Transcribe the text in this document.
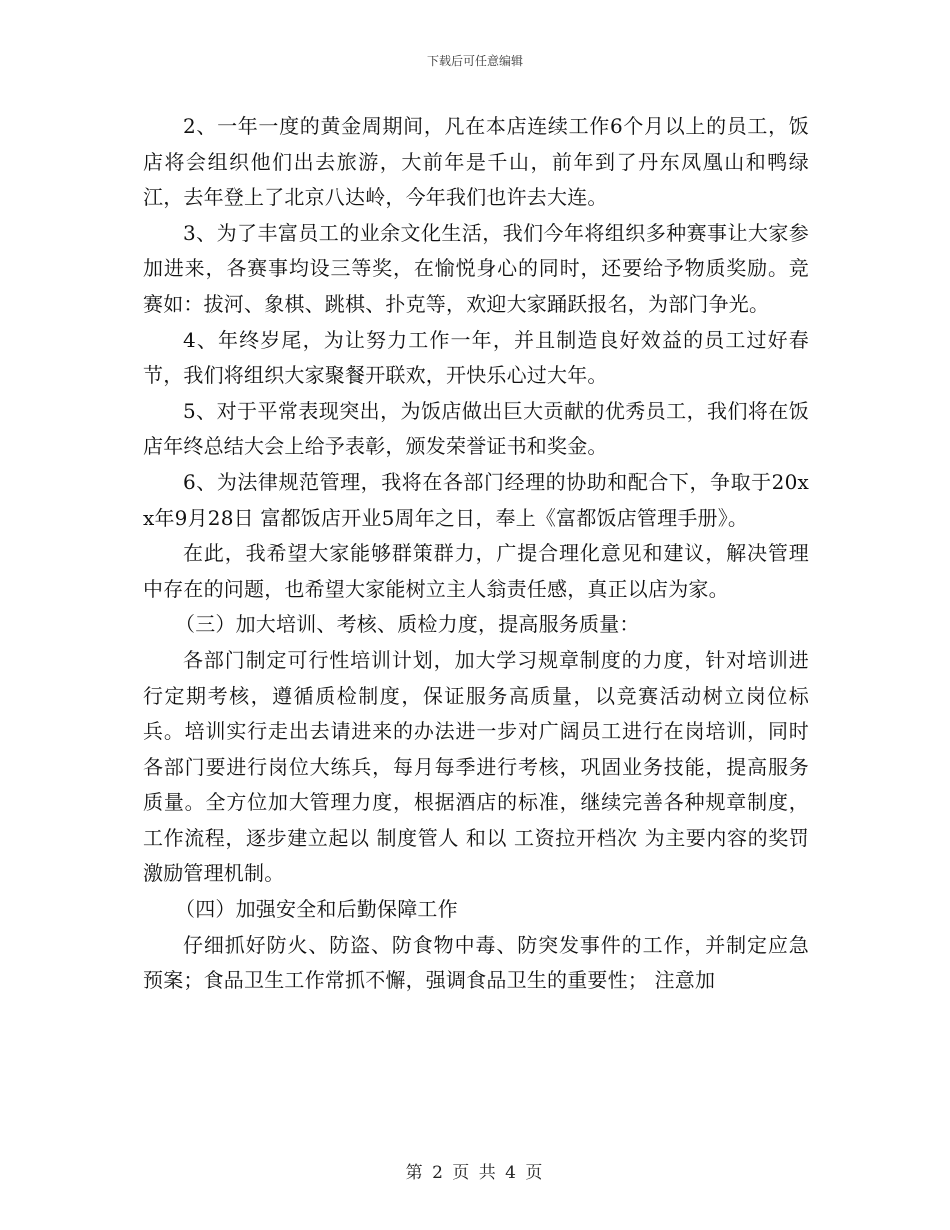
下载后可任意编辑

2、一年一度的黄金周期间，凡在本店连续工作6个月以上的员工，饭店将会组织他们出去旅游，大前年是千山，前年到了丹东凤凰山和鸭绿江，去年登上了北京八达岭，今年我们也许去大连。

3、为了丰富员工的业余文化生活，我们今年将组织多种赛事让大家参加进来，各赛事均设三等奖，在愉悦身心的同时，还要给予物质奖励。竞赛如：拔河、象棋、跳棋、扑克等，欢迎大家踊跃报名，为部门争光。

4、年终岁尾，为让努力工作一年，并且制造良好效益的员工过好春节，我们将组织大家聚餐开联欢，开快乐心过大年。

5、对于平常表现突出，为饭店做出巨大贡献的优秀员工，我们将在饭店年终总结大会上给予表彰，颁发荣誉证书和奖金。

6、为法律规范管理，我将在各部门经理的协助和配合下，争取于20xx年9月28日 富都饭店开业5周年之日，奉上《富都饭店管理手册》。

在此，我希望大家能够群策群力，广提合理化意见和建议，解决管理中存在的问题，也希望大家能树立主人翁责任感，真正以店为家。

（三）加大培训、考核、质检力度，提高服务质量：

各部门制定可行性培训计划，加大学习规章制度的力度，针对培训进行定期考核，遵循质检制度，保证服务高质量，以竞赛活动树立岗位标兵。培训实行走出去请进来的办法进一步对广阔员工进行在岗培训，同时各部门要进行岗位大练兵，每月每季进行考核，巩固业务技能，提高服务质量。全方位加大管理力度，根据酒店的标准，继续完善各种规章制度，工作流程，逐步建立起以 制度管人 和以 工资拉开档次 为主要内容的奖罚激励管理机制。

（四）加强安全和后勤保障工作

仔细抓好防火、防盗、防食物中毒、防突发事件的工作，并制定应急预案；食品卫生工作常抓不懈，强调食品卫生的重要性； 注意加

第 2 页 共 4 页
